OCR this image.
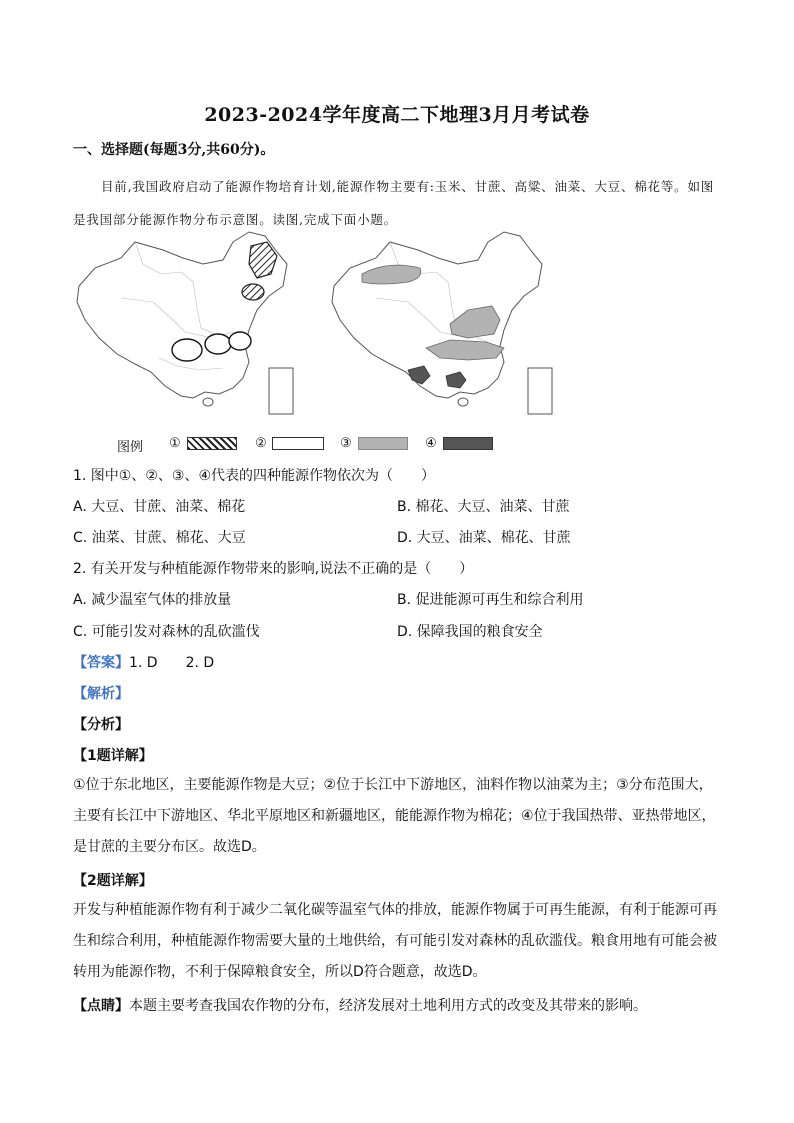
2023-2024学年度高二下地理3月月考试卷
一、选择题(每题3分,共60分)。
目前,我国政府启动了能源作物培育计划,能源作物主要有:玉米、甘蔗、高粱、油菜、大豆、棉花等。如图是我国部分能源作物分布示意图。读图,完成下面小题。
图例 ①	②	③	④
1. 图中①、②、③、④代表的四种能源作物依次为（　　）
A. 大豆、甘蔗、油菜、棉花	B. 棉花、大豆、油菜、甘蔗
C. 油菜、甘蔗、棉花、大豆	D. 大豆、油菜、棉花、甘蔗
2. 有关开发与种植能源作物带来的影响,说法不正确的是（　　）
A. 减少温室气体的排放量	B. 促进能源可再生和综合利用
C. 可能引发对森林的乱砍滥伐	D. 保障我国的粮食安全
【答案】1. D　　2. D
【解析】
【分析】
【1题详解】
①位于东北地区，主要能源作物是大豆；②位于长江中下游地区，油料作物以油菜为主；③分布范围大，主要有长江中下游地区、华北平原地区和新疆地区，能能源作物为棉花；④位于我国热带、亚热带地区，是甘蔗的主要分布区。故选D。
【2题详解】
开发与种植能源作物有利于减少二氧化碳等温室气体的排放，能源作物属于可再生能源，有利于能源可再生和综合利用，种植能源作物需要大量的土地供给，有可能引发对森林的乱砍滥伐。粮食用地有可能会被转用为能源作物，不利于保障粮食安全，所以D符合题意，故选D。
【点睛】本题主要考查我国农作物的分布，经济发展对土地利用方式的改变及其带来的影响。
